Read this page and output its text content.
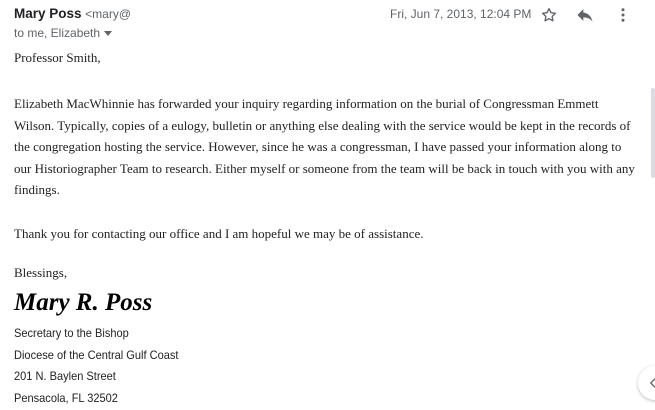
Mary Poss <mary@
to me, Elizabeth
Fri, Jun 7, 2013, 12:04 PM
Professor Smith,
Elizabeth MacWhinnie has forwarded your inquiry regarding information on the burial of Congressman Emmett Wilson. Typically, copies of a eulogy, bulletin or anything else dealing with the service would be kept in the records of the congregation hosting the service. However, since he was a congressman, I have passed your information along to our Historiographer Team to research. Either myself or someone from the team will be back in touch with you with any findings.
Thank you for contacting our office and I am hopeful we may be of assistance.
Blessings,
Mary R. Poss
Secretary to the Bishop
Diocese of the Central Gulf Coast
201 N. Baylen Street
Pensacola, FL 32502
